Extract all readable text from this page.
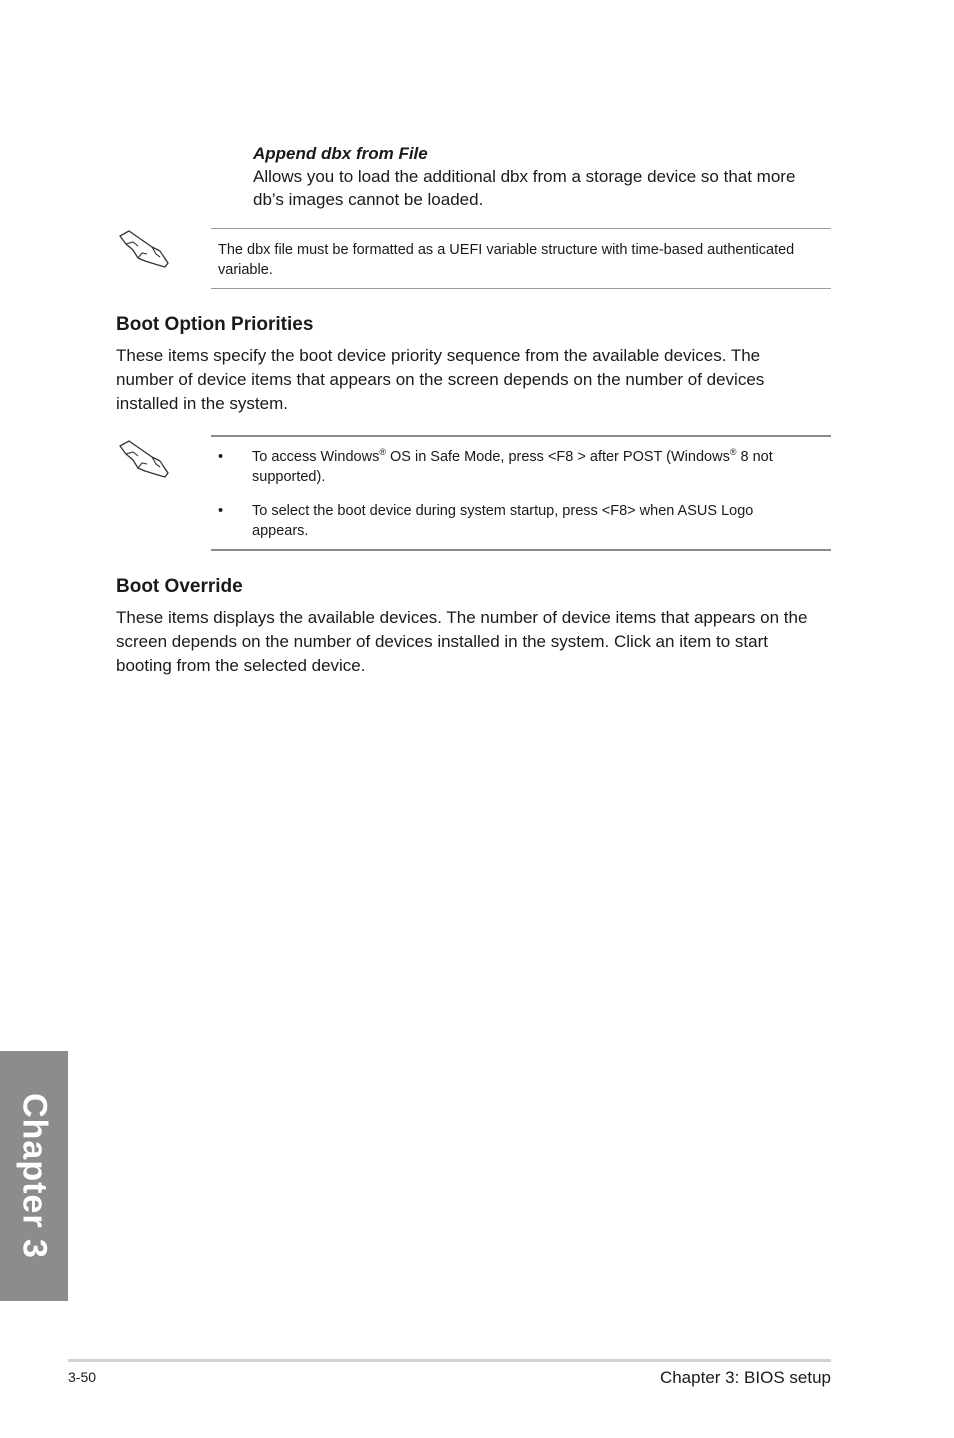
Append dbx from File
Allows you to load the additional dbx from a storage device so that more db’s images cannot be loaded.
The dbx file must be formatted as a UEFI variable structure with time-based authenticated variable.
Boot Option Priorities
These items specify the boot device priority sequence from the available devices. The number of device items that appears on the screen depends on the number of devices installed in the system.
• To access Windows® OS in Safe Mode, press <F8 > after POST (Windows® 8 not supported).
• To select the boot device during system startup, press <F8> when ASUS Logo appears.
Boot Override
These items displays the available devices. The number of device items that appears on the screen depends on the number of devices installed in the system. Click an item to start booting from the selected device.
Chapter 3
3-50	Chapter 3: BIOS setup
